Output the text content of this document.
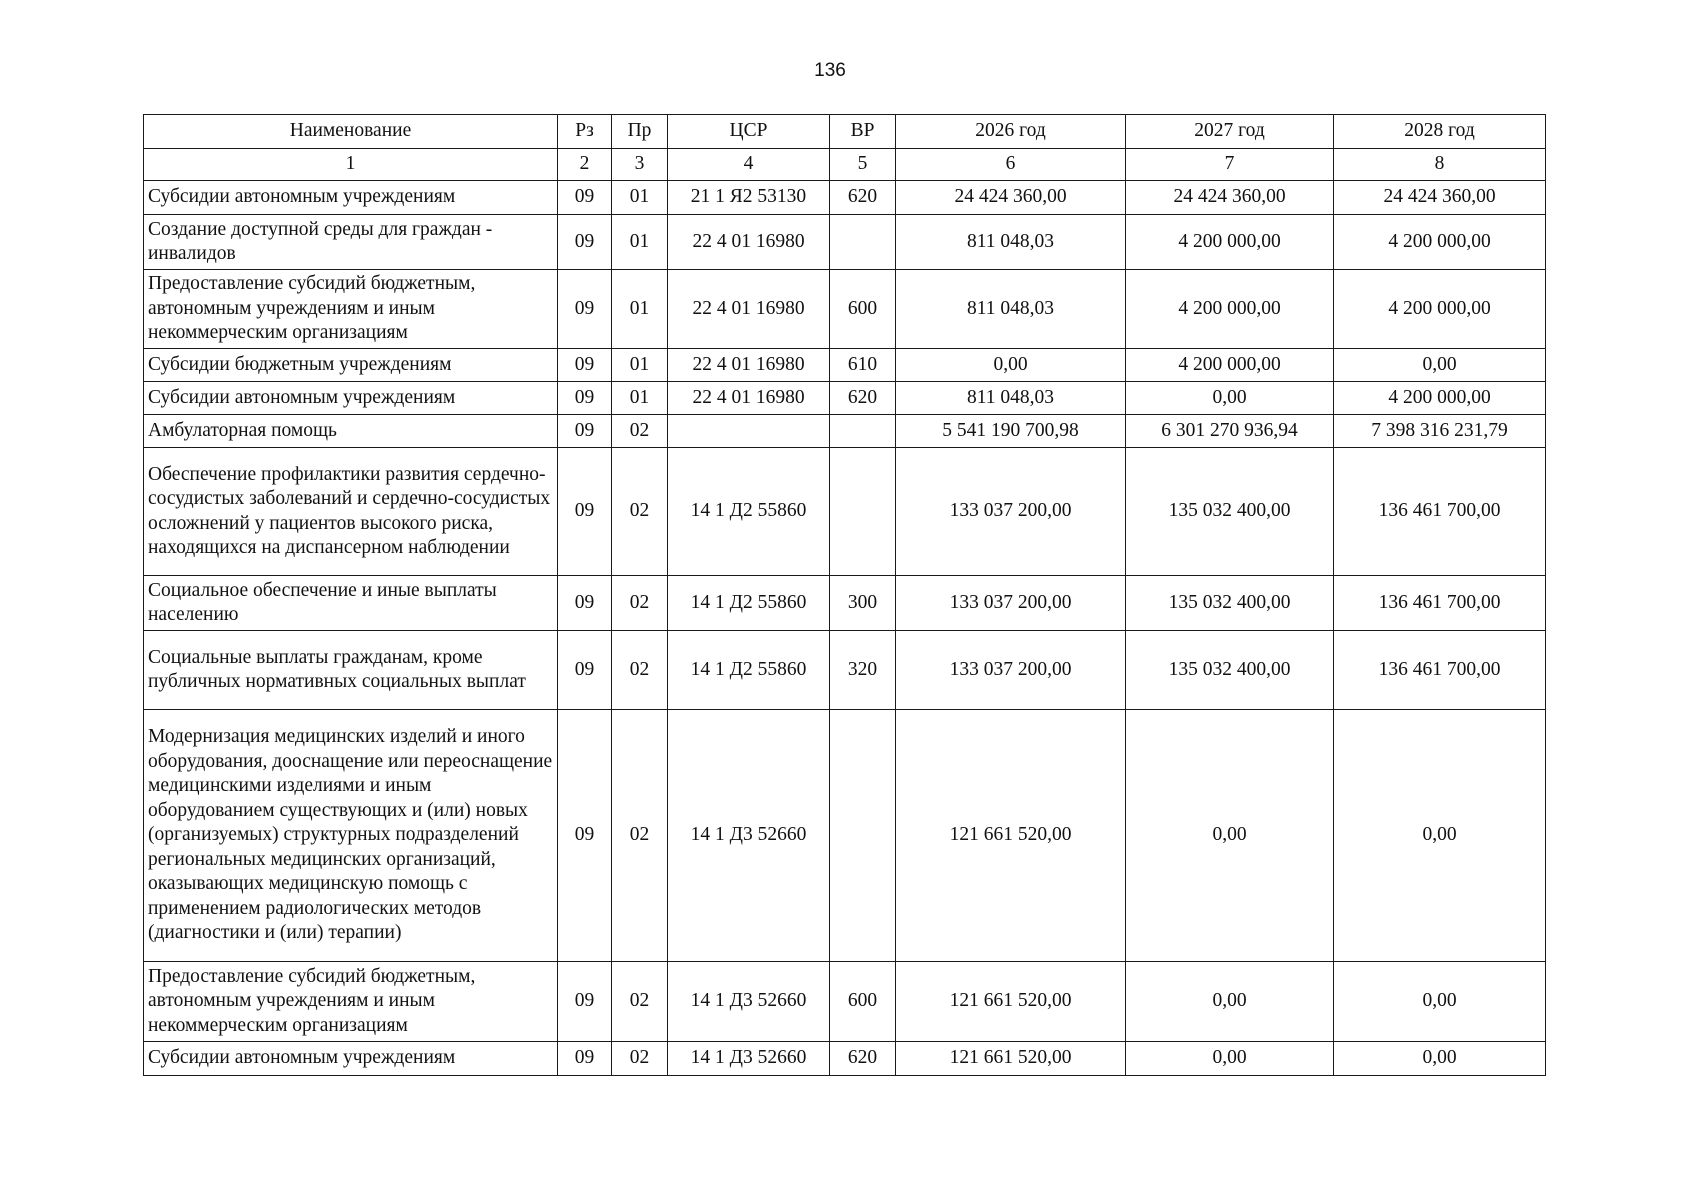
136
Наименование	Рз	Пр	ЦСР	ВР	2026 год	2027 год	2028 год
1	2	3	4	5	6	7	8
Субсидии автономным учреждениям	09	01	21 1 Я2 53130	620	24 424 360,00	24 424 360,00	24 424 360,00
Создание доступной среды для граждан - инвалидов	09	01	22 4 01 16980		811 048,03	4 200 000,00	4 200 000,00
Предоставление субсидий бюджетным, автономным учреждениям и иным некоммерческим организациям	09	01	22 4 01 16980	600	811 048,03	4 200 000,00	4 200 000,00
Субсидии бюджетным учреждениям	09	01	22 4 01 16980	610	0,00	4 200 000,00	0,00
Субсидии автономным учреждениям	09	01	22 4 01 16980	620	811 048,03	0,00	4 200 000,00
Амбулаторная помощь	09	02			5 541 190 700,98	6 301 270 936,94	7 398 316 231,79
Обеспечение профилактики развития сердечно-сосудистых заболеваний и сердечно-сосудистых осложнений у пациентов высокого риска, находящихся на диспансерном наблюдении	09	02	14 1 Д2 55860		133 037 200,00	135 032 400,00	136 461 700,00
Социальное обеспечение и иные выплаты населению	09	02	14 1 Д2 55860	300	133 037 200,00	135 032 400,00	136 461 700,00
Социальные выплаты гражданам, кроме публичных нормативных социальных выплат	09	02	14 1 Д2 55860	320	133 037 200,00	135 032 400,00	136 461 700,00
Модернизация медицинских изделий и иного оборудования, дооснащение или переоснащение медицинскими изделиями и иным оборудованием существующих и (или) новых (организуемых) структурных подразделений региональных медицинских организаций, оказывающих медицинскую помощь с применением радиологических методов (диагностики и (или) терапии)	09	02	14 1 Д3 52660		121 661 520,00	0,00	0,00
Предоставление субсидий бюджетным, автономным учреждениям и иным некоммерческим организациям	09	02	14 1 Д3 52660	600	121 661 520,00	0,00	0,00
Субсидии автономным учреждениям	09	02	14 1 Д3 52660	620	121 661 520,00	0,00	0,00
